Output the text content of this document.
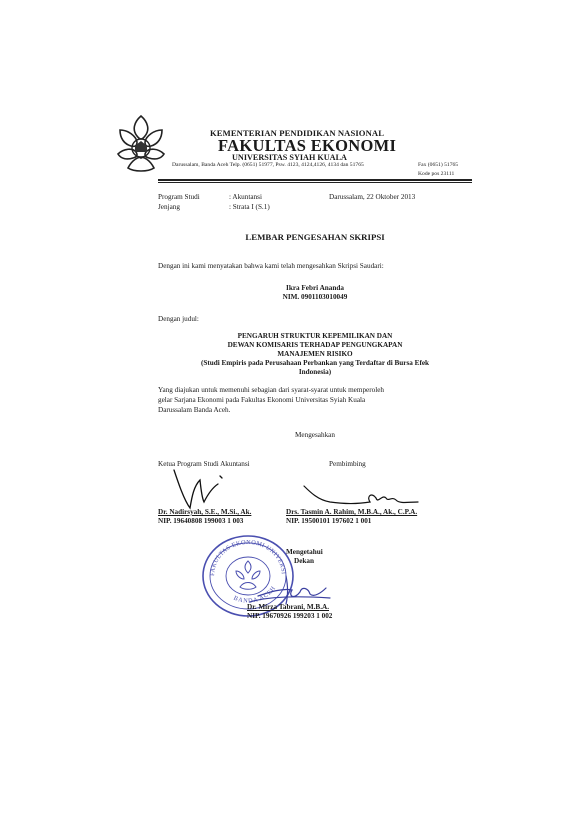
KEMENTERIAN PENDIDIKAN NASIONAL
FAKULTAS EKONOMI
UNIVERSITAS SYIAH KUALA
Darussalam, Banda Aceh Telp. (0651) 51977, Psw. 4123, 4124,4126, 4134 dan 51765	Fax (0651) 51765
Kode pos 23111
Program Studi	: Akuntansi
Jenjang	: Strata I (S.1)
Darussalam, 22 Oktober 2013
LEMBAR PENGESAHAN SKRIPSI
Dengan ini kami menyatakan bahwa kami telah mengesahkan Skripsi Saudari:
Ikra Febri Ananda
NIM. 0901103010049
Dengan judul:
PENGARUH STRUKTUR KEPEMILIKAN DAN
DEWAN KOMISARIS TERHADAP PENGUNGKAPAN
MANAJEMEN RISIKO
(Studi Empiris pada Perusahaan Perbankan yang Terdaftar di Bursa Efek
Indonesia)
Yang diajukan untuk memenuhi sebagian dari syarat-syarat untuk memperoleh
gelar Sarjana Ekonomi pada Fakultas Ekonomi Universitas Syiah Kuala
Darussalam Banda Aceh.
Mengesahkan
Ketua Program Studi Akuntansi	Pembimbing
Dr. Nadirsyah, S.E., M.Si., Ak.
NIP. 19640808 199003 1 003
Drs. Tasmin A. Rahim, M.B.A., Ak., C.P.A.
NIP. 19500101 197602 1 001
FAKULTAS EKONOMI UNIVERSITAS SYIAH KUALA
BANDA ACEH
Mengetahui
Dekan
Dr. Mirza Tabrani, M.B.A.
NIP. 19670926 199203 1 002
